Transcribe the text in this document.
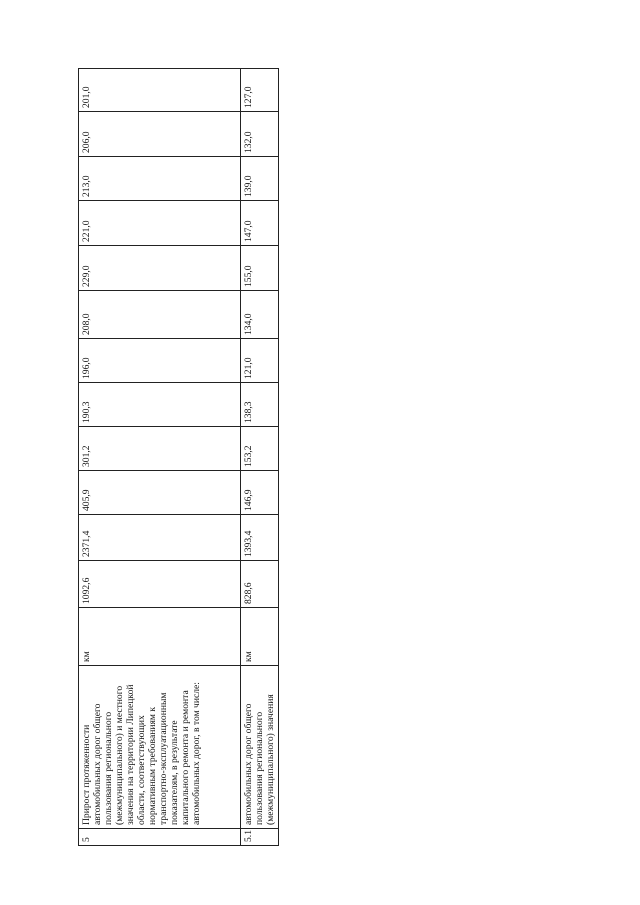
5	Прирост протяженности автомобильных дорог общего пользования регионального (межмуниципального) и местного значения на территории Липецкой области, соответствующих нормативным требованиям к транспортно-эксплуатационным показателям, в результате капитального ремонта и ремонта автомобильных дорог, в том числе:	км	1092,6	2371,4	405,9	301,2	190,3	196,0	208,0	229,0	221,0	213,0	206,0	201,0
5.1	автомобильных дорог общего пользования регионального (межмуниципального) значения	км	828,6	1393,4	146,9	153,2	138,3	121,0	134,0	155,0	147,0	139,0	132,0	127,0
